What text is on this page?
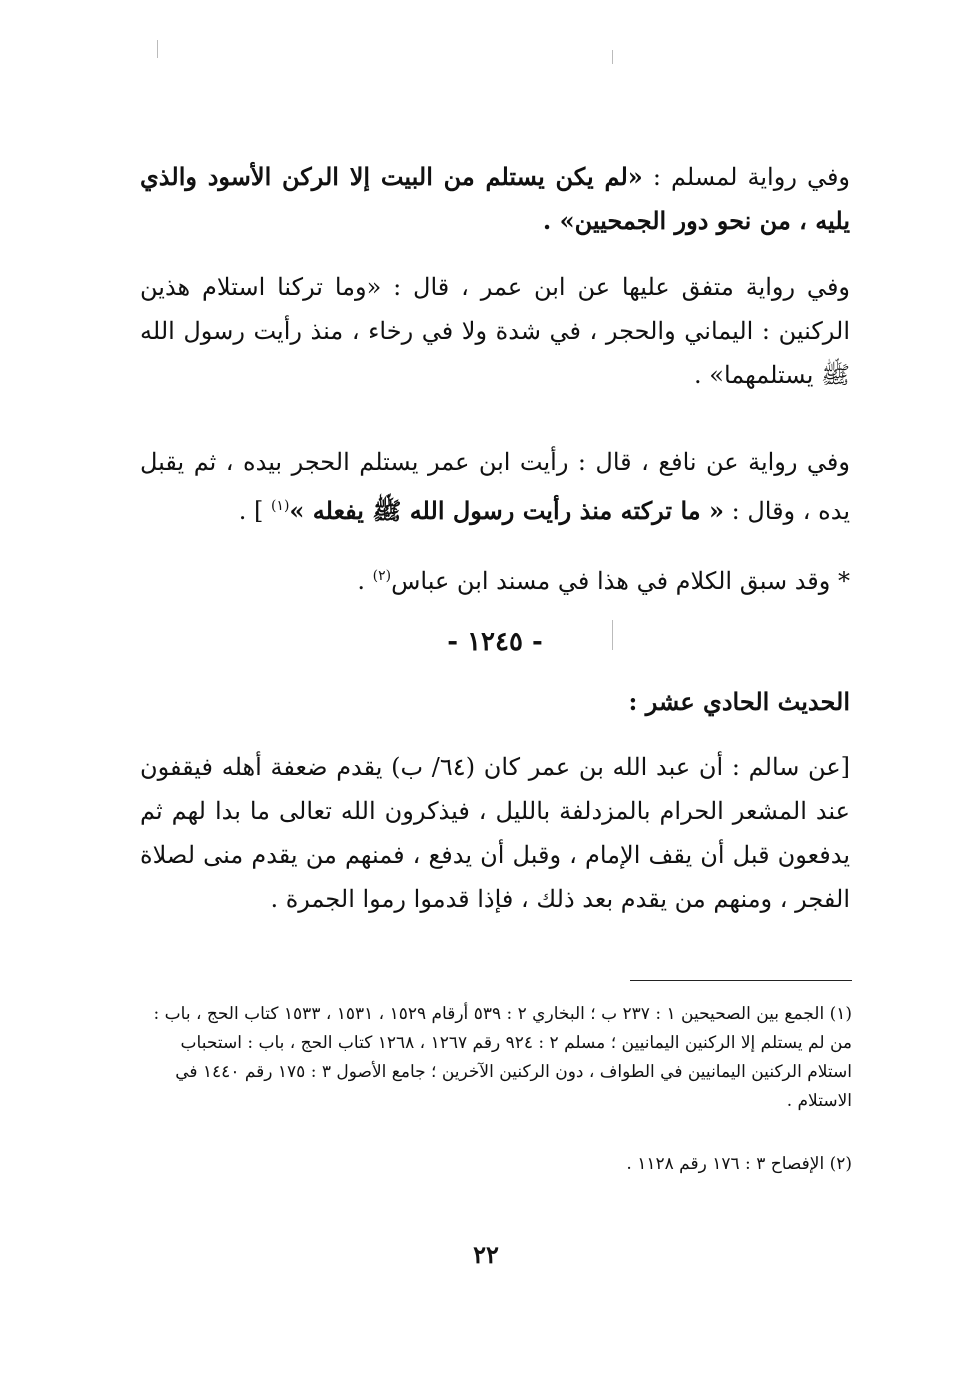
وفي رواية لمسلم : «لم يكن يستلم من البيت إلا الركن الأسود والذي يليه ، من نحو دور الجمحيين» .

وفي رواية متفق عليها عن ابن عمر ، قال : «وما تركنا استلام هذين الركنين : اليماني والحجر ، في شدة ولا في رخاء ، منذ رأيت رسول الله ﷺ يستلمهما» .

وفي رواية عن نافع ، قال : رأيت ابن عمر يستلم الحجر بيده ، ثم يقبل يده ، وقال : « ما تركته منذ رأيت رسول الله ﷺ يفعله »$^{(١)}$ ] .

* وقد سبق الكلام في هذا في مسند ابن عباس$^{(٢)}$ .

- ١٢٤٥ -

الحديث الحادي عشر :

[عن سالم : أن عبد الله بن عمر كان (٦٤/ ب) يقدم ضعفة أهله فيقفون عند المشعر الحرام بالمزدلفة بالليل ، فيذكرون الله تعالى ما بدا لهم ثم يدفعون قبل أن يقف الإمام ، وقبل أن يدفع ، فمنهم من يقدم منى لصلاة الفجر ، ومنهم من يقدم بعد ذلك ، فإذا قدموا رموا الجمرة .

(١) الجمع بين الصحيحين ١ : ٢٣٧ ب ؛ البخاري ٢ : ٥٣٩ أرقام ١٥٢٩ ، ١٥٣١ ، ١٥٣٣ كتاب الحج ، باب : من لم يستلم إلا الركنين اليمانيين ؛ مسلم ٢ : ٩٢٤ رقم ١٢٦٧ ، ١٢٦٨ كتاب الحج ، باب : استحباب استلام الركنين اليمانيين في الطواف ، دون الركنين الآخرين ؛ جامع الأصول ٣ : ١٧٥ رقم ١٤٤٠ في الاستلام .

(٢) الإفصاح ٣ : ١٧٦ رقم ١١٢٨ .

٢٢
